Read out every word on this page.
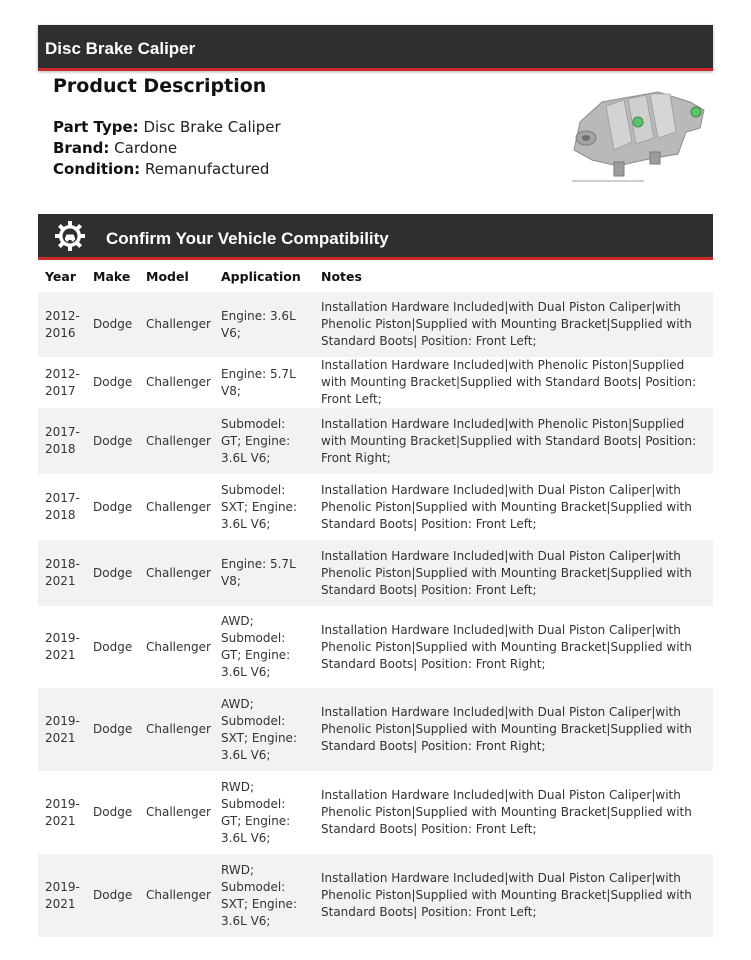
Disc Brake Caliper
Product Description
Part Type: Disc Brake Caliper
Brand: Cardone
Condition: Remanufactured
Confirm Your Vehicle Compatibility
Year	Make	Model	Application	Notes
2012-2016	Dodge	Challenger	Engine: 3.6L V6;	Installation Hardware Included|with Dual Piston Caliper|with Phenolic Piston|Supplied with Mounting Bracket|Supplied with Standard Boots| Position: Front Left;
2012-2017	Dodge	Challenger	Engine: 5.7L V8;	Installation Hardware Included|with Phenolic Piston|Supplied with Mounting Bracket|Supplied with Standard Boots| Position: Front Left;
2017-2018	Dodge	Challenger	Submodel: GT; Engine: 3.6L V6;	Installation Hardware Included|with Phenolic Piston|Supplied with Mounting Bracket|Supplied with Standard Boots| Position: Front Right;
2017-2018	Dodge	Challenger	Submodel: SXT; Engine: 3.6L V6;	Installation Hardware Included|with Dual Piston Caliper|with Phenolic Piston|Supplied with Mounting Bracket|Supplied with Standard Boots| Position: Front Left;
2018-2021	Dodge	Challenger	Engine: 5.7L V8;	Installation Hardware Included|with Dual Piston Caliper|with Phenolic Piston|Supplied with Mounting Bracket|Supplied with Standard Boots| Position: Front Left;
2019-2021	Dodge	Challenger	AWD; Submodel: GT; Engine: 3.6L V6;	Installation Hardware Included|with Dual Piston Caliper|with Phenolic Piston|Supplied with Mounting Bracket|Supplied with Standard Boots| Position: Front Right;
2019-2021	Dodge	Challenger	AWD; Submodel: SXT; Engine: 3.6L V6;	Installation Hardware Included|with Dual Piston Caliper|with Phenolic Piston|Supplied with Mounting Bracket|Supplied with Standard Boots| Position: Front Right;
2019-2021	Dodge	Challenger	RWD; Submodel: GT; Engine: 3.6L V6;	Installation Hardware Included|with Dual Piston Caliper|with Phenolic Piston|Supplied with Mounting Bracket|Supplied with Standard Boots| Position: Front Left;
2019-2021	Dodge	Challenger	RWD; Submodel: SXT; Engine: 3.6L V6;	Installation Hardware Included|with Dual Piston Caliper|with Phenolic Piston|Supplied with Mounting Bracket|Supplied with Standard Boots| Position: Front Left;
